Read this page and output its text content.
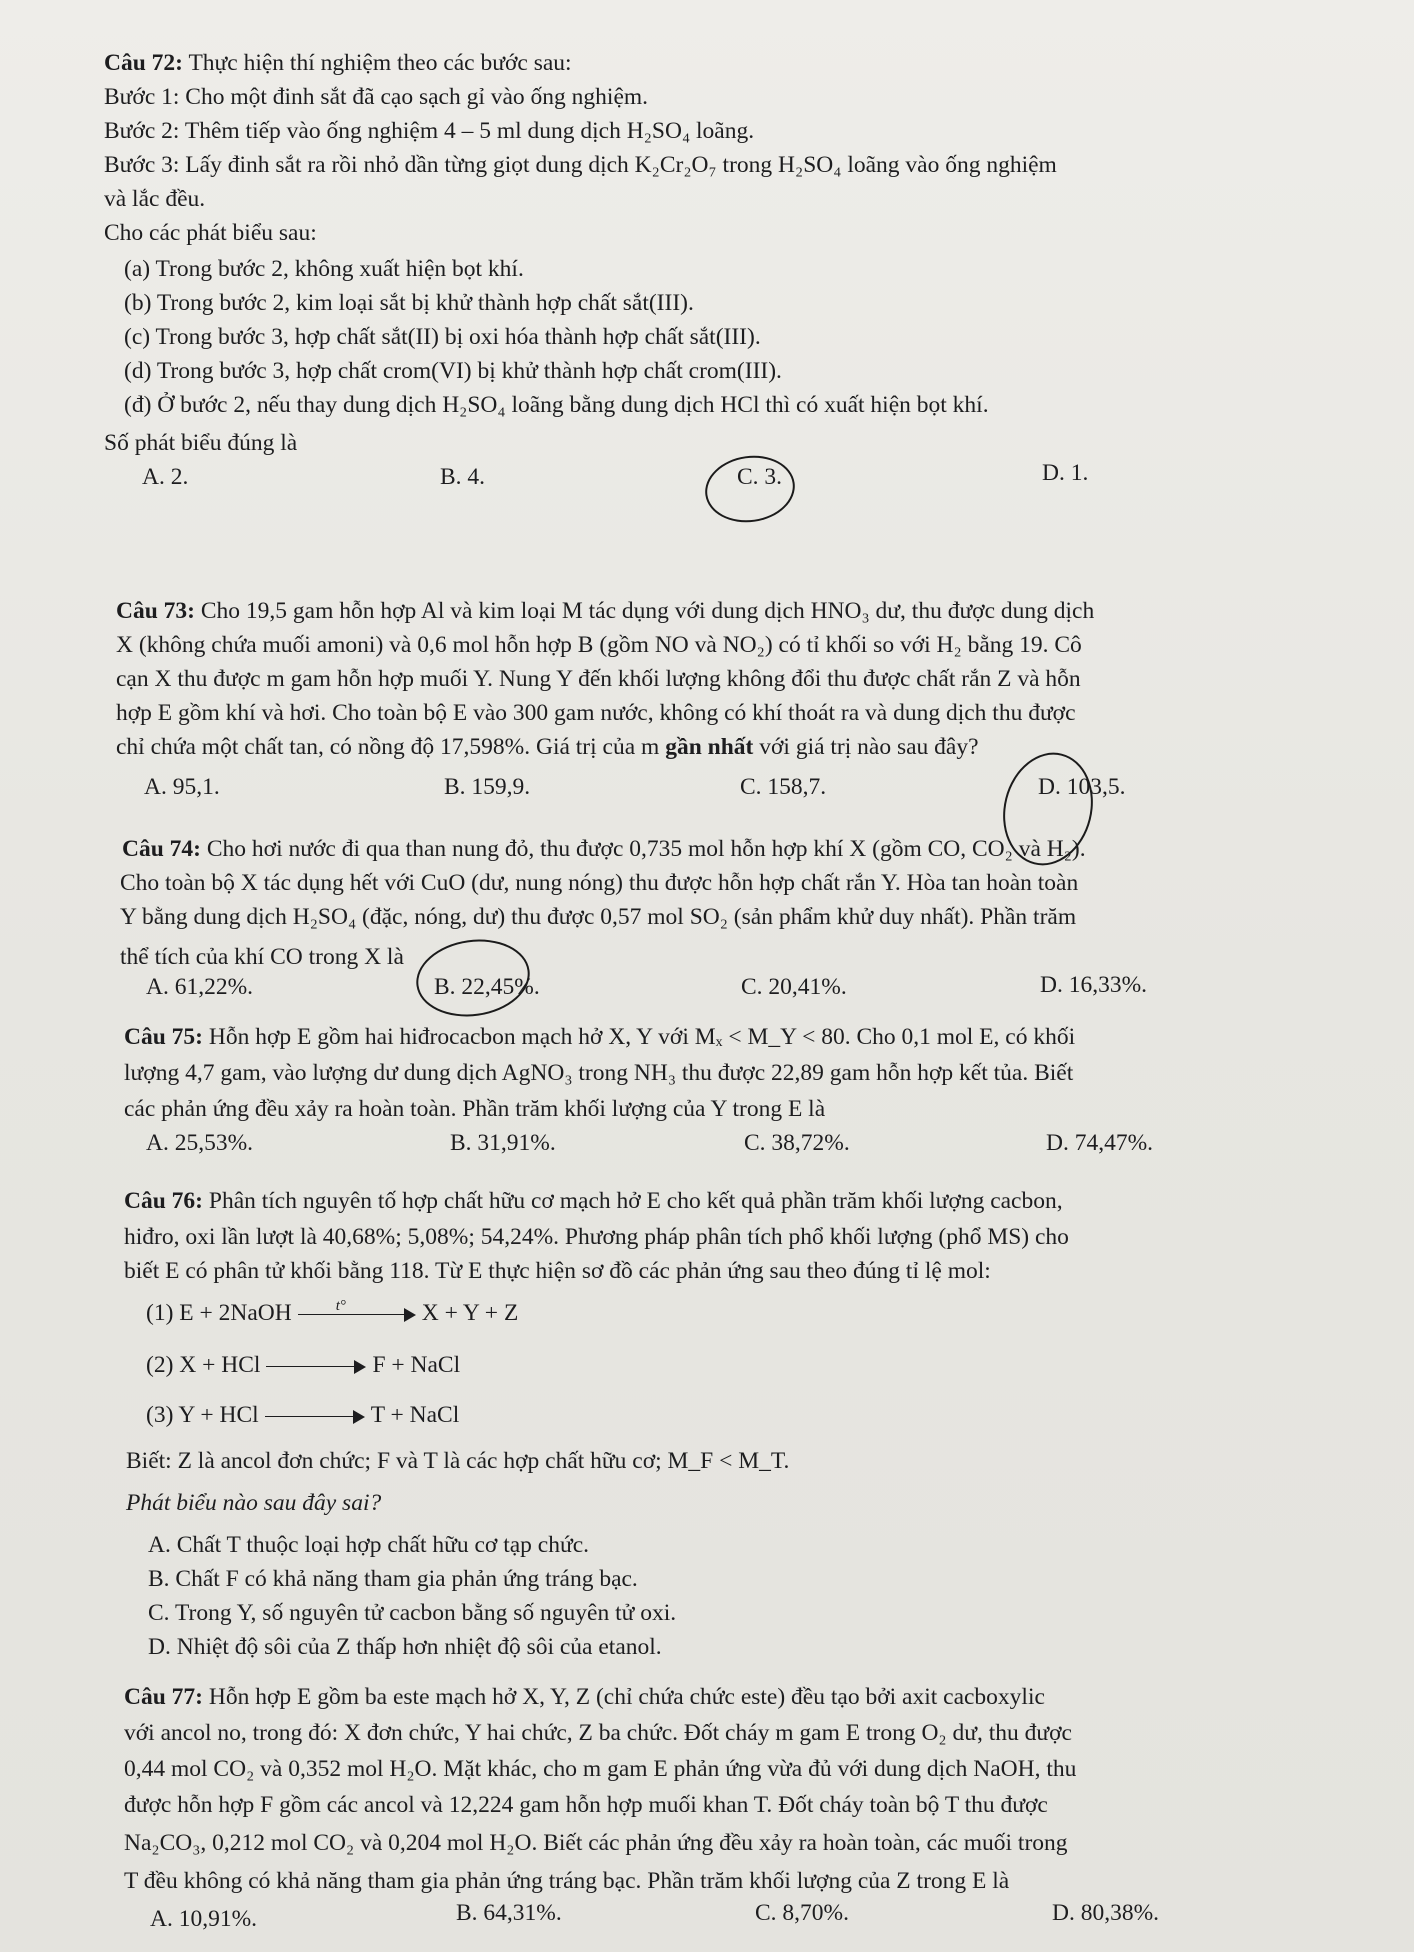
Câu 72: Thực hiện thí nghiệm theo các bước sau:
Bước 1: Cho một đinh sắt đã cạo sạch gỉ vào ống nghiệm.
Bước 2: Thêm tiếp vào ống nghiệm 4 – 5 ml dung dịch H₂SO₄ loãng.
Bước 3: Lấy đinh sắt ra rồi nhỏ dần từng giọt dung dịch K₂Cr₂O₇ trong H₂SO₄ loãng vào ống nghiệm
và lắc đều.
Cho các phát biểu sau:
(a) Trong bước 2, không xuất hiện bọt khí.
(b) Trong bước 2, kim loại sắt bị khử thành hợp chất sắt(III).
(c) Trong bước 3, hợp chất sắt(II) bị oxi hóa thành hợp chất sắt(III).
(d) Trong bước 3, hợp chất crom(VI) bị khử thành hợp chất crom(III).
(đ) Ở bước 2, nếu thay dung dịch H₂SO₄ loãng bằng dung dịch HCl thì có xuất hiện bọt khí.
Số phát biểu đúng là
A. 2.	B. 4.	C. 3.	D. 1.
Câu 73: Cho 19,5 gam hỗn hợp Al và kim loại M tác dụng với dung dịch HNO₃ dư, thu được dung dịch
X (không chứa muối amoni) và 0,6 mol hỗn hợp B (gồm NO và NO₂) có tỉ khối so với H₂ bằng 19. Cô
cạn X thu được m gam hỗn hợp muối Y. Nung Y đến khối lượng không đổi thu được chất rắn Z và hỗn
hợp E gồm khí và hơi. Cho toàn bộ E vào 300 gam nước, không có khí thoát ra và dung dịch thu được
chỉ chứa một chất tan, có nồng độ 17,598%. Giá trị của m gần nhất với giá trị nào sau đây?
A. 95,1.	B. 159,9.	C. 158,7.	D. 103,5.
Câu 74: Cho hơi nước đi qua than nung đỏ, thu được 0,735 mol hỗn hợp khí X (gồm CO, CO₂ và H₂).
Cho toàn bộ X tác dụng hết với CuO (dư, nung nóng) thu được hỗn hợp chất rắn Y. Hòa tan hoàn toàn
Y bằng dung dịch H₂SO₄ (đặc, nóng, dư) thu được 0,57 mol SO₂ (sản phẩm khử duy nhất). Phần trăm
thể tích của khí CO trong X là
A. 61,22%.	B. 22,45%.	C. 20,41%.	D. 16,33%.
Câu 75: Hỗn hợp E gồm hai hiđrocacbon mạch hở X, Y với Mₓ < M_Y < 80. Cho 0,1 mol E, có khối
lượng 4,7 gam, vào lượng dư dung dịch AgNO₃ trong NH₃ thu được 22,89 gam hỗn hợp kết tủa. Biết
các phản ứng đều xảy ra hoàn toàn. Phần trăm khối lượng của Y trong E là
A. 25,53%.	B. 31,91%.	C. 38,72%.	D. 74,47%.
Câu 76: Phân tích nguyên tố hợp chất hữu cơ mạch hở E cho kết quả phần trăm khối lượng cacbon,
hiđro, oxi lần lượt là 40,68%; 5,08%; 54,24%. Phương pháp phân tích phổ khối lượng (phổ MS) cho
biết E có phân tử khối bằng 118. Từ E thực hiện sơ đồ các phản ứng sau theo đúng tỉ lệ mol:
(1) E + 2NaOH	t°	X + Y + Z
(2) X + HCl	F + NaCl
(3) Y + HCl	T + NaCl
Biết: Z là ancol đơn chức; F và T là các hợp chất hữu cơ; M_F < M_T.
Phát biểu nào sau đây sai?
A. Chất T thuộc loại hợp chất hữu cơ tạp chức.
B. Chất F có khả năng tham gia phản ứng tráng bạc.
C. Trong Y, số nguyên tử cacbon bằng số nguyên tử oxi.
D. Nhiệt độ sôi của Z thấp hơn nhiệt độ sôi của etanol.
Câu 77: Hỗn hợp E gồm ba este mạch hở X, Y, Z (chỉ chứa chức este) đều tạo bởi axit cacboxylic
với ancol no, trong đó: X đơn chức, Y hai chức, Z ba chức. Đốt cháy m gam E trong O₂ dư, thu được
0,44 mol CO₂ và 0,352 mol H₂O. Mặt khác, cho m gam E phản ứng vừa đủ với dung dịch NaOH, thu
được hỗn hợp F gồm các ancol và 12,224 gam hỗn hợp muối khan T. Đốt cháy toàn bộ T thu được
Na₂CO₃, 0,212 mol CO₂ và 0,204 mol H₂O. Biết các phản ứng đều xảy ra hoàn toàn, các muối trong
T đều không có khả năng tham gia phản ứng tráng bạc. Phần trăm khối lượng của Z trong E là
A. 10,91%.	B. 64,31%.	C. 8,70%.	D. 80,38%.
